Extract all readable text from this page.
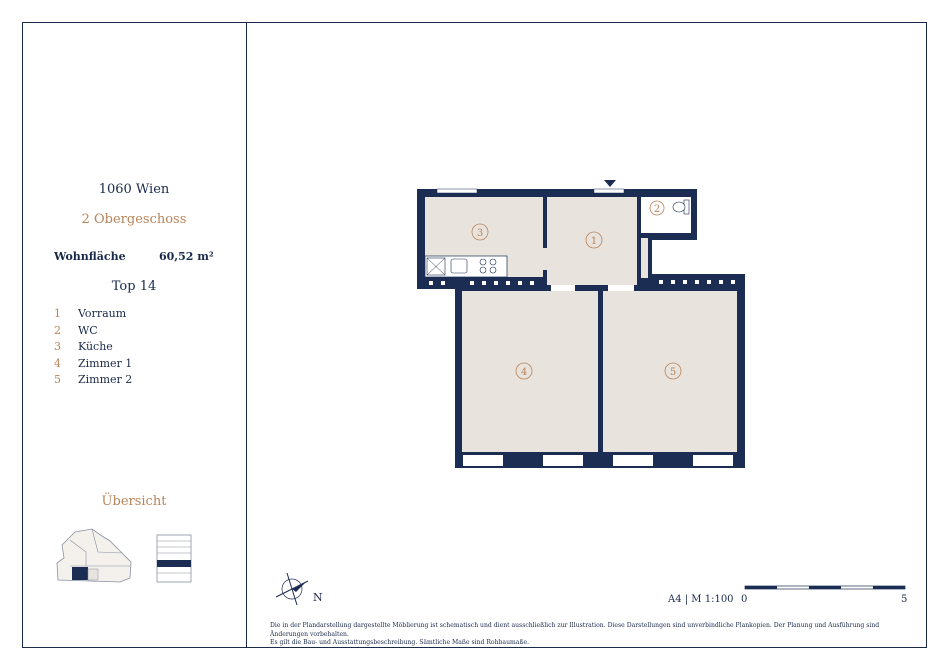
1060 Wien
2 Obergeschoss
Wohnfläche	60,52 m²
Top 14
1	Vorraum
2	WC
3	Küche
4	Zimmer 1
5	Zimmer 2
Übersicht
1
2
3
4	5
N	A4 | M 1:100 0	5
Die in der Plandarstellung dargestellte Möblierung ist schematisch und dient ausschließlich zur Illustration. Diese Darstellungen sind unverbindliche Plankopien. Der Planung und Ausführung sind Änderungen vorbehalten.
Es gilt die Bau- und Ausstattungsbeschreibung. Sämtliche Maße sind Rohbaumaße.
